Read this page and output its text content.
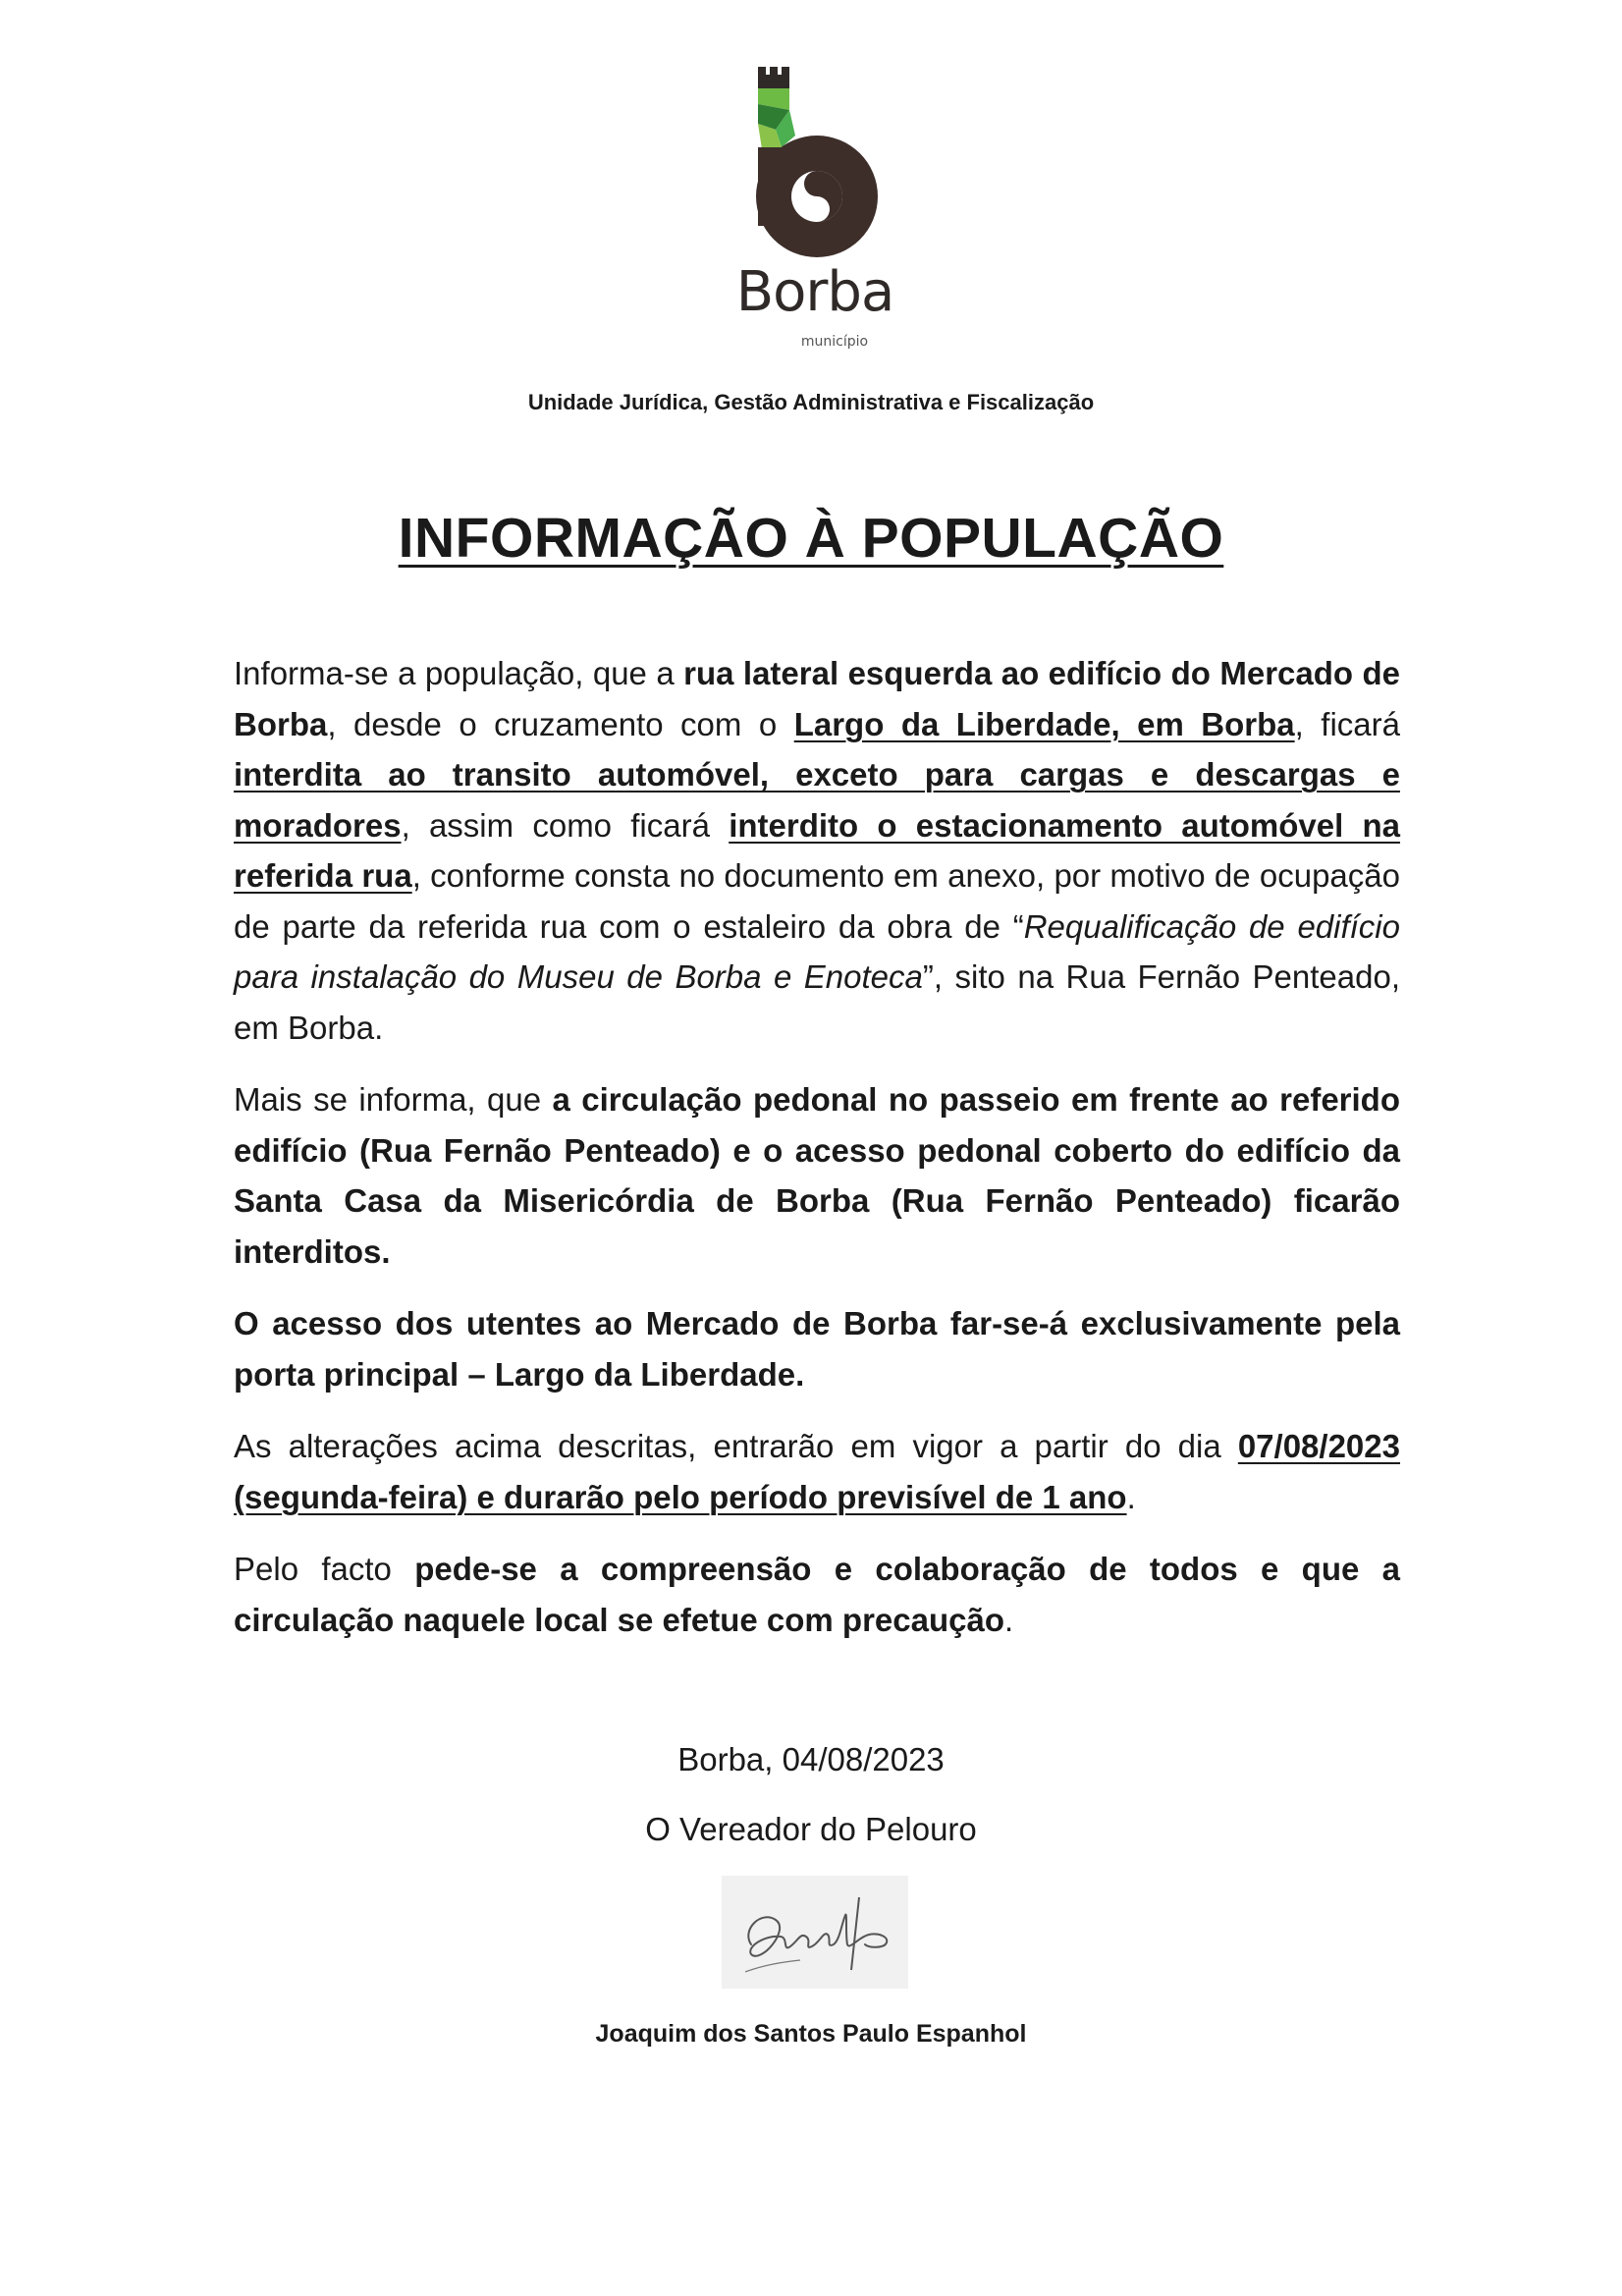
Borba
município
Unidade Jurídica, Gestão Administrativa e Fiscalização
INFORMAÇÃO À POPULAÇÃO

Informa-se a população, que a rua lateral esquerda ao edifício do Mercado de Borba, desde o cruzamento com o Largo da Liberdade, em Borba, ficará interdita ao transito automóvel, exceto para cargas e descargas e moradores, assim como ficará interdito o estacionamento automóvel na referida rua, conforme consta no documento em anexo, por motivo de ocupação de parte da referida rua com o estaleiro da obra de “Requalificação de edifício para instalação do Museu de Borba e Enoteca”, sito na Rua Fernão Penteado, em Borba.

Mais se informa, que a circulação pedonal no passeio em frente ao referido edifício (Rua Fernão Penteado) e o acesso pedonal coberto do edifício da Santa Casa da Misericórdia de Borba (Rua Fernão Penteado) ficarão interditos.

O acesso dos utentes ao Mercado de Borba far-se-á exclusivamente pela porta principal – Largo da Liberdade.

As alterações acima descritas, entrarão em vigor a partir do dia 07/08/2023 (segunda-feira) e durarão pelo período previsível de 1 ano.

Pelo facto pede-se a compreensão e colaboração de todos e que a circulação naquele local se efetue com precaução.

Borba, 04/08/2023
O Vereador do Pelouro
Joaquim dos Santos Paulo Espanhol
